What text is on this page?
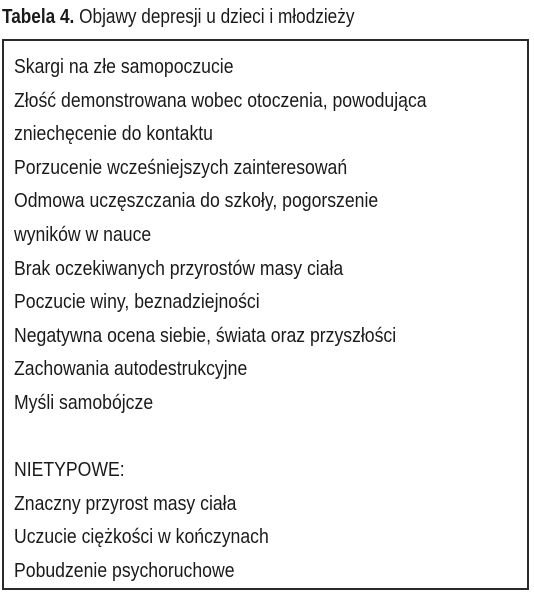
Tabela 4. Objawy depresji u dzieci i młodzieży
Skargi na złe samopoczucie
Złość demonstrowana wobec otoczenia, powodująca
zniechęcenie do kontaktu
Porzucenie wcześniejszych zainteresowań
Odmowa uczęszczania do szkoły, pogorszenie
wyników w nauce
Brak oczekiwanych przyrostów masy ciała
Poczucie winy, beznadziejności
Negatywna ocena siebie, świata oraz przyszłości
Zachowania autodestrukcyjne
Myśli samobójcze
NIETYPOWE:
Znaczny przyrost masy ciała
Uczucie ciężkości w kończynach
Pobudzenie psychoruchowe
